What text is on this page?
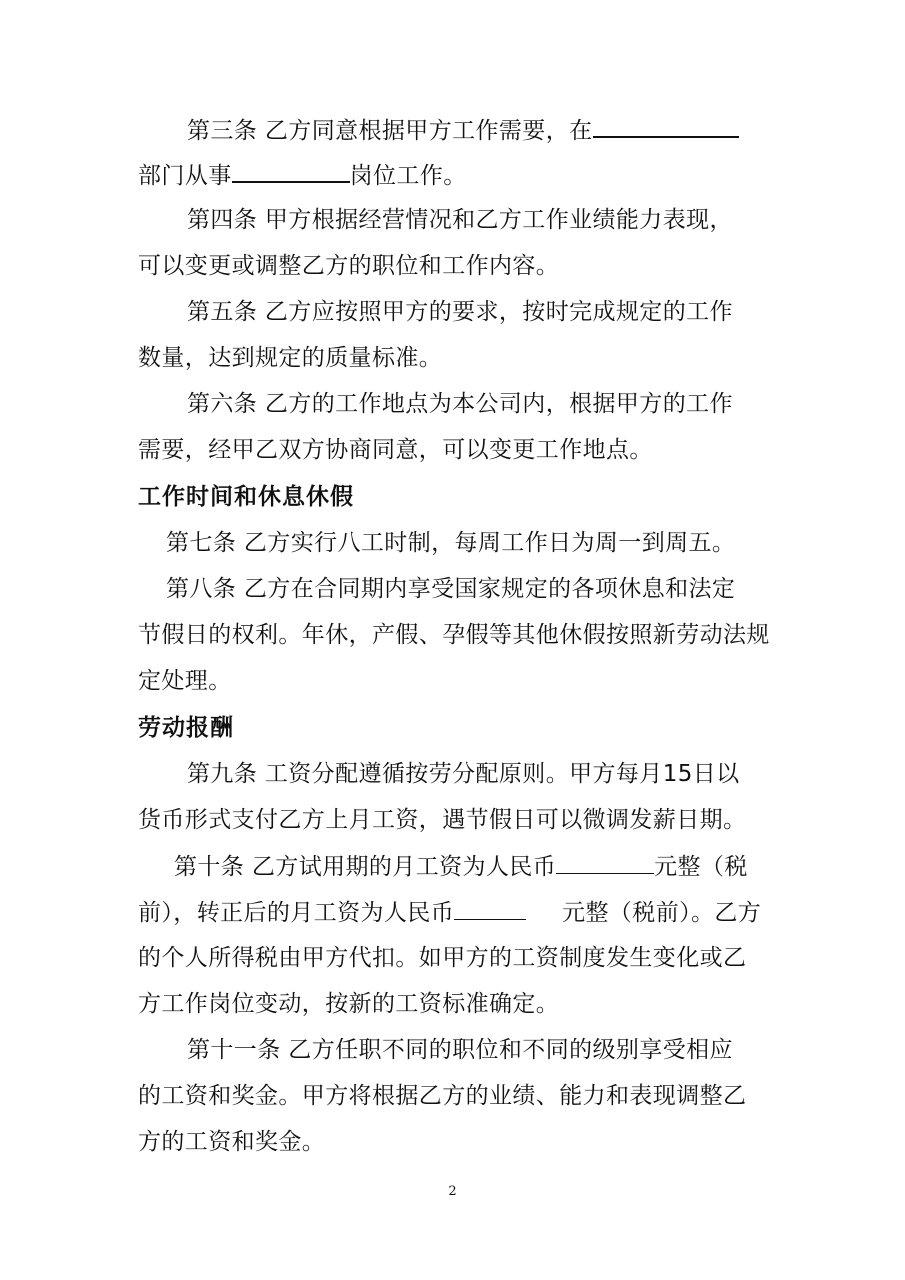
第三条 乙方同意根据甲方工作需要，在
部门从事	岗位工作。
第四条 甲方根据经营情况和乙方工作业绩能力表现，
可以变更或调整乙方的职位和工作内容。
第五条 乙方应按照甲方的要求，按时完成规定的工作
数量，达到规定的质量标准。
第六条 乙方的工作地点为本公司内，根据甲方的工作
需要，经甲乙双方协商同意，可以变更工作地点。
工作时间和休息休假
第七条 乙方实行八工时制，每周工作日为周一到周五。
第八条 乙方在合同期内享受国家规定的各项休息和法定
节假日的权利。年休，产假、孕假等其他休假按照新劳动法规
定处理。
劳动报酬
第九条 工资分配遵循按劳分配原则。甲方每月15日以
货币形式支付乙方上月工资，遇节假日可以微调发薪日期。
第十条 乙方试用期的月工资为人民币	元整（税
前），转正后的月工资为人民币	元整（税前）。乙方
的个人所得税由甲方代扣。如甲方的工资制度发生变化或乙
方工作岗位变动，按新的工资标准确定。
第十一条 乙方任职不同的职位和不同的级别享受相应
的工资和奖金。甲方将根据乙方的业绩、能力和表现调整乙
方的工资和奖金。
2
